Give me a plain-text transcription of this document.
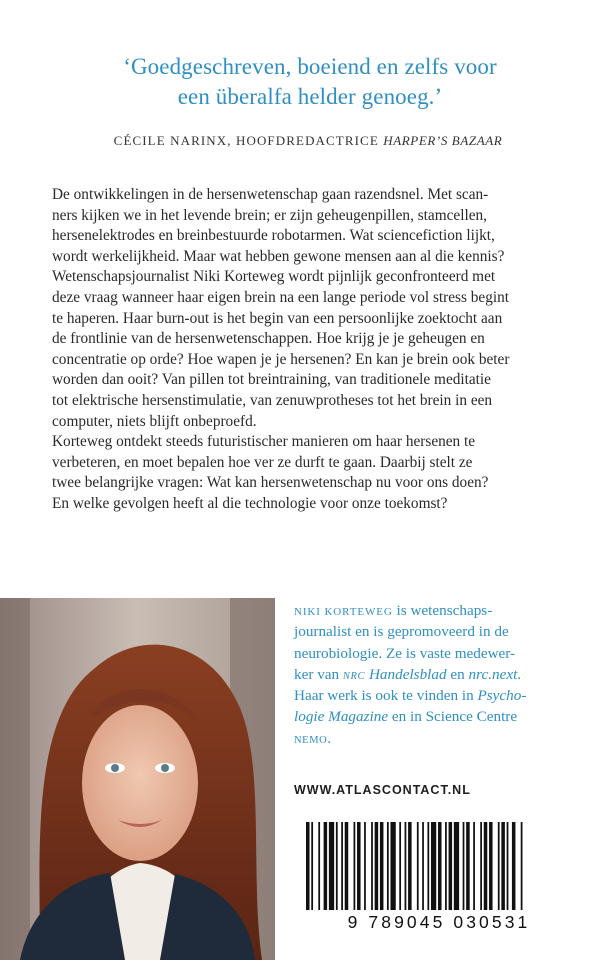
‘Goedgeschreven, boeiend en zelfs voor
een überalfa helder genoeg.’
CÉCILE NARINX, HOOFDREDACTRICE HARPER’S BAZAAR
De ontwikkelingen in de hersenwetenschap gaan razendsnel. Met scan-
ners kijken we in het levende brein; er zijn geheugenpillen, stamcellen,
hersenelektrodes en breinbestuurde robotarmen. Wat sciencefiction lijkt,
wordt werkelijkheid. Maar wat hebben gewone mensen aan al die kennis?
Wetenschapsjournalist Niki Korteweg wordt pijnlijk geconfronteerd met
deze vraag wanneer haar eigen brein na een lange periode vol stress begint
te haperen. Haar burn-out is het begin van een persoonlijke zoektocht aan
de frontlinie van de hersenwetenschappen. Hoe krijg je je geheugen en
concentratie op orde? Hoe wapen je je hersenen? En kan je brein ook beter
worden dan ooit? Van pillen tot breintraining, van traditionele meditatie
tot elektrische hersenstimulatie, van zenuwprotheses tot het brein in een
computer, niets blijft onbeproefd.
Korteweg ontdekt steeds futuristischer manieren om haar hersenen te
verbeteren, en moet bepalen hoe ver ze durft te gaan. Daarbij stelt ze
twee belangrijke vragen: Wat kan hersenwetenschap nu voor ons doen?
En welke gevolgen heeft al die technologie voor onze toekomst?
NIKI KORTEWEG is wetenschaps-
journalist en is gepromoveerd in de
neurobiologie. Ze is vaste medewer-
ker van NRC Handelsblad en nrc.next.
Haar werk is ook te vinden in Psycho-
logie Magazine en in Science Centre
NEMO.
WWW.ATLASCONTACT.NL
9 789045 030531
